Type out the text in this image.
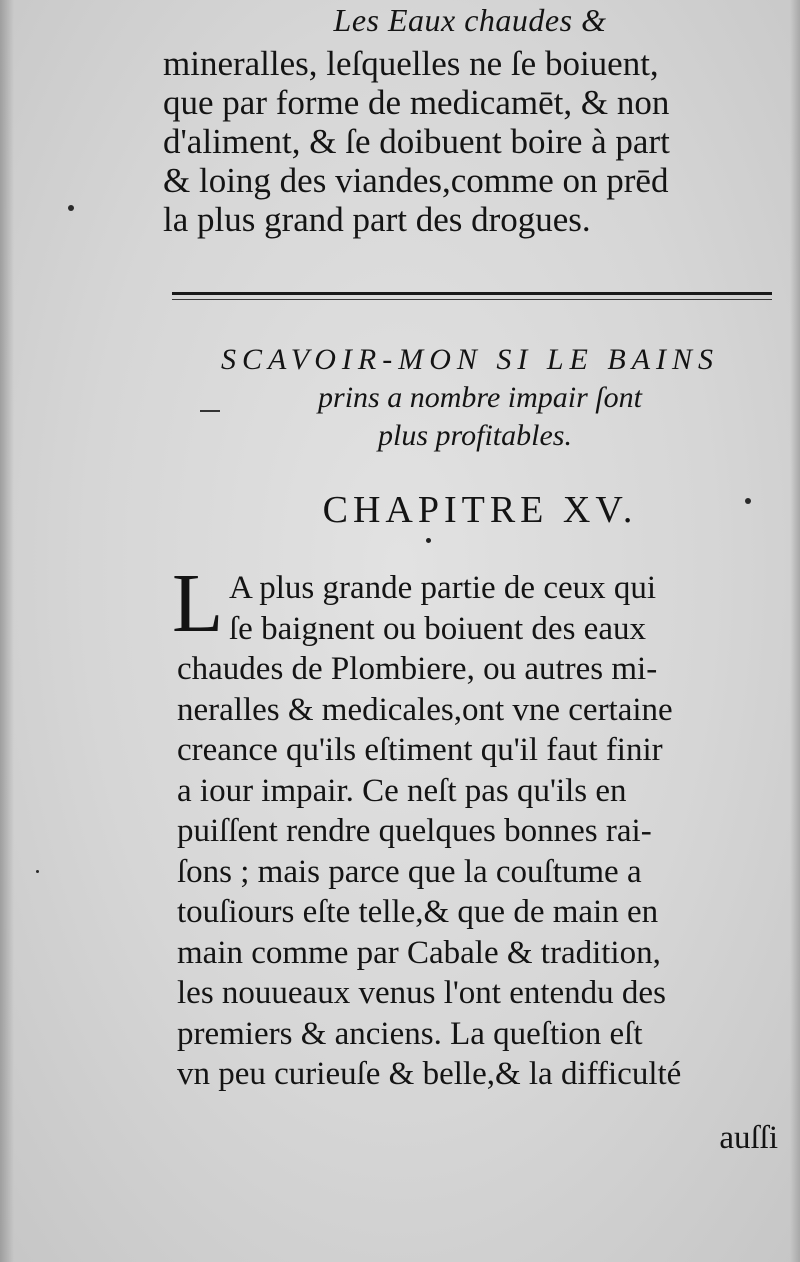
Les Eaux chaudes &
mineralles, leſquelles ne ſe boiuent,
que par forme de medicamēt, & non
d'aliment, & ſe doibuent boire à part
& loing des viandes,comme on prēd
la plus grand part des drogues.
SCAVOIR-MON SI LE BAINS
prins a nombre impair ſont
plus profitables.
CHAPITRE XV.
L A plus grande partie de ceux qui
ſe baignent ou boiuent des eaux
chaudes de Plombiere, ou autres mi-
neralles & medicales,ont vne certaine
creance qu'ils eſtiment qu'il faut finir
a iour impair. Ce neſt pas qu'ils en
puiſſent rendre quelques bonnes rai-
ſons ; mais parce que la couſtume a
touſiours eſte telle,& que de main en
main comme par Cabale & tradition,
les nouueaux venus l'ont entendu des
premiers & anciens. La queſtion eſt
vn peu curieuſe & belle,& la difficulté
auſſi
